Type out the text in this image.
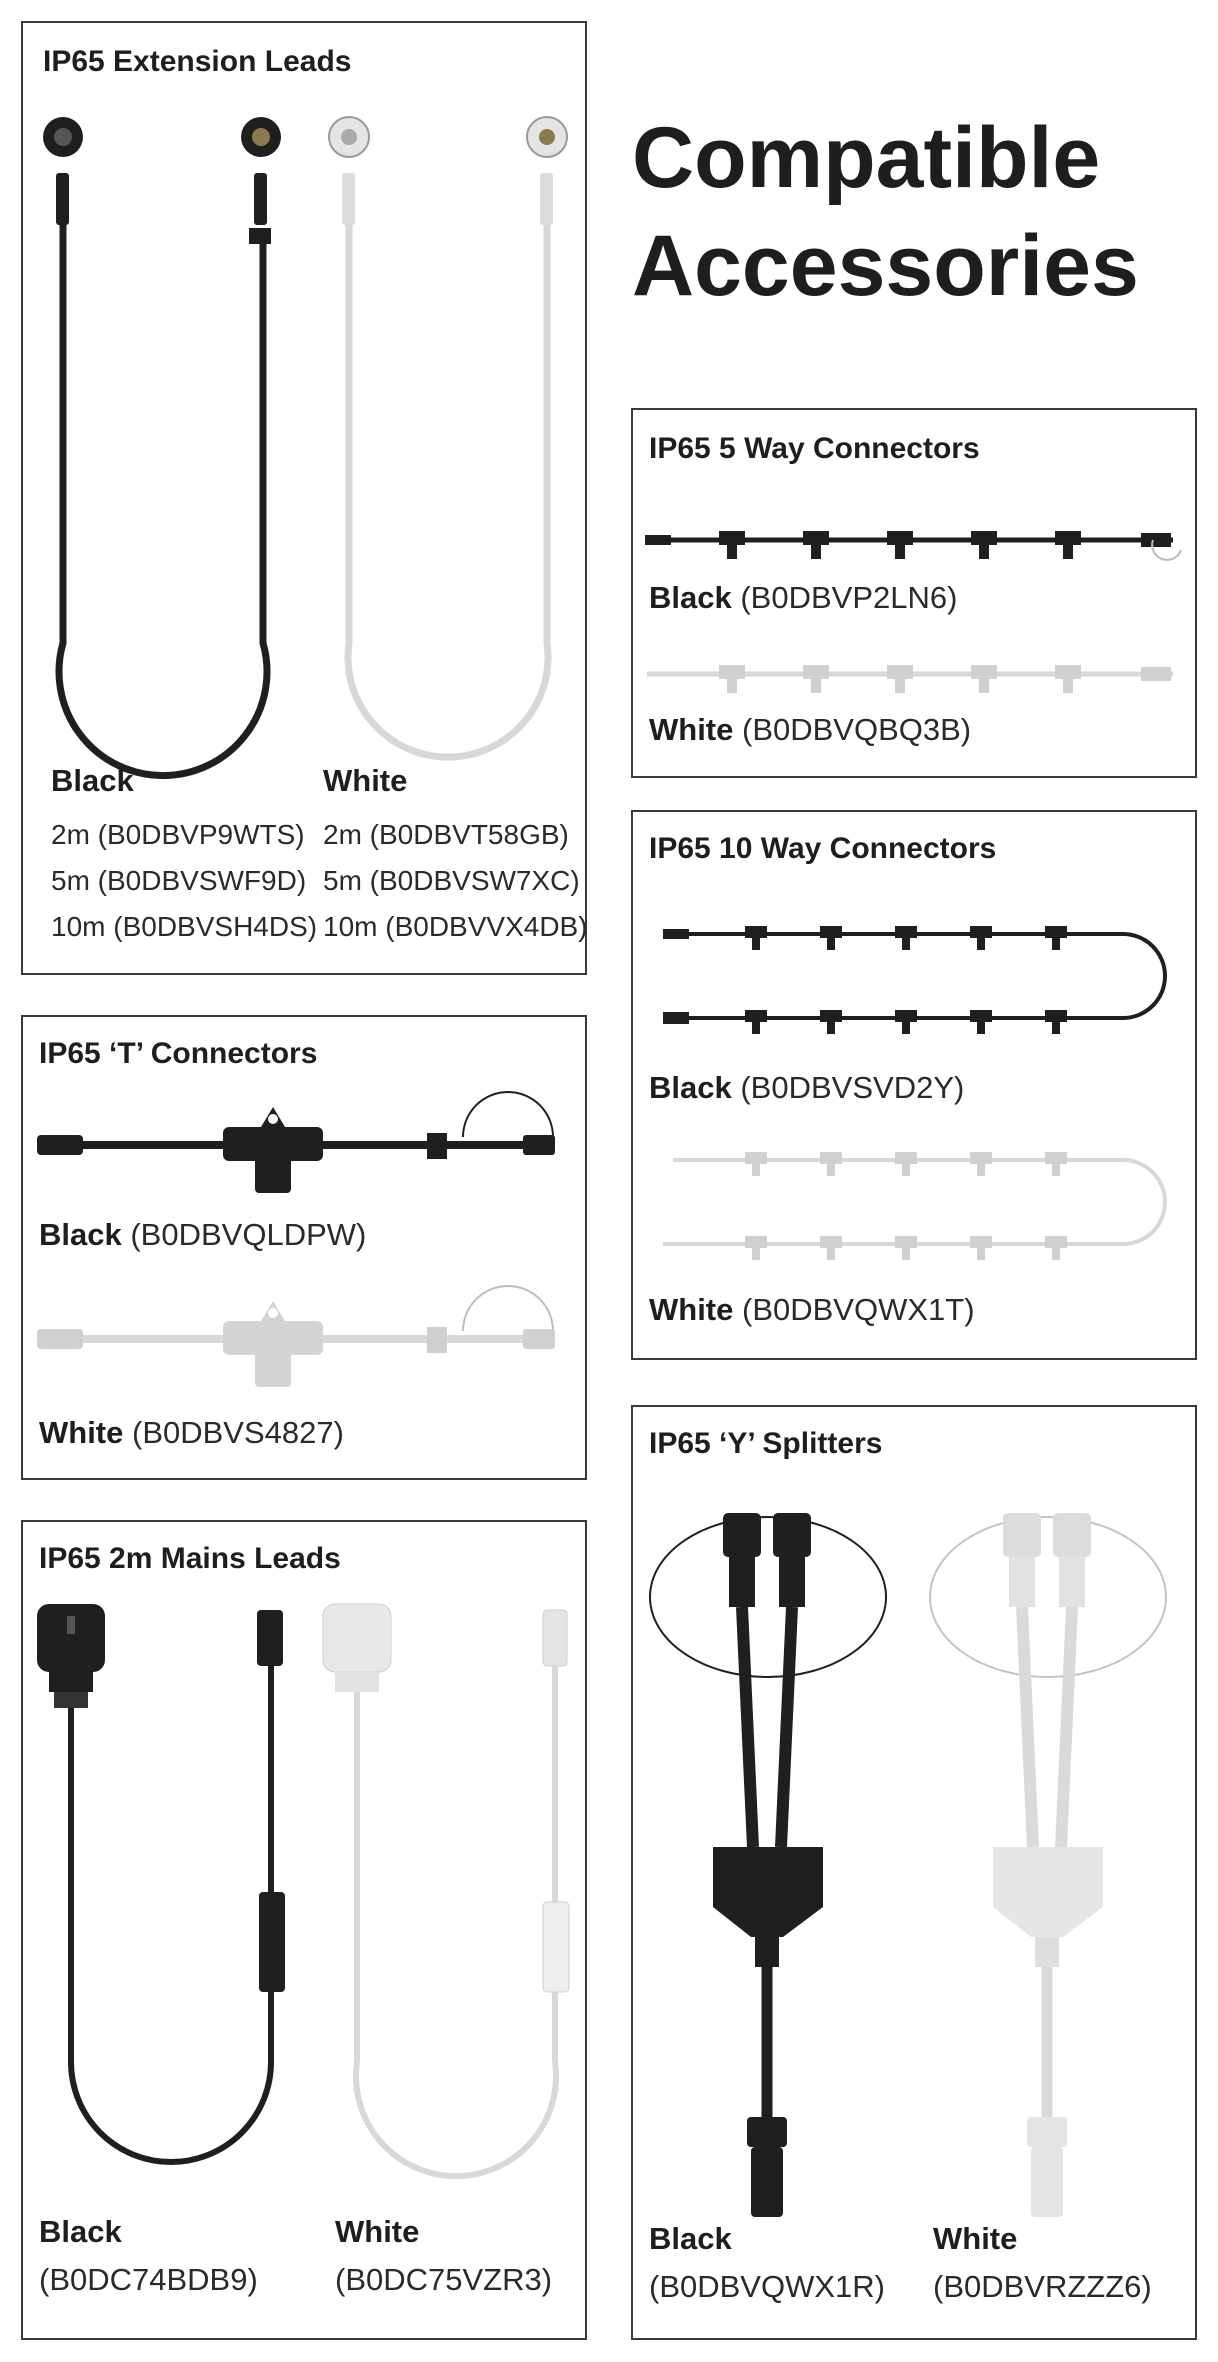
Compatible
Accessories
IP65 Extension Leads
Black
2m (B0DBVP9WTS)
5m (B0DBVSWF9D)
10m (B0DBVSH4DS)
White
2m (B0DBVT58GB)
5m (B0DBVSW7XC)
10m (B0DBVVX4DB)
IP65 5 Way Connectors
Black (B0DBVP2LN6)
White (B0DBVQBQ3B)
IP65 10 Way Connectors
Black (B0DBVSVD2Y)
White (B0DBVQWX1T)
IP65 ‘T’ Connectors
Black (B0DBVQLDPW)
White (B0DBVS4827)	IP65 ‘Y’ Splitters
Black
(B0DBVQWX1R)
White
(B0DBVRZZZ6)
IP65 2m Mains Leads
Black
(B0DC74BDB9)
White
(B0DC75VZR3)
